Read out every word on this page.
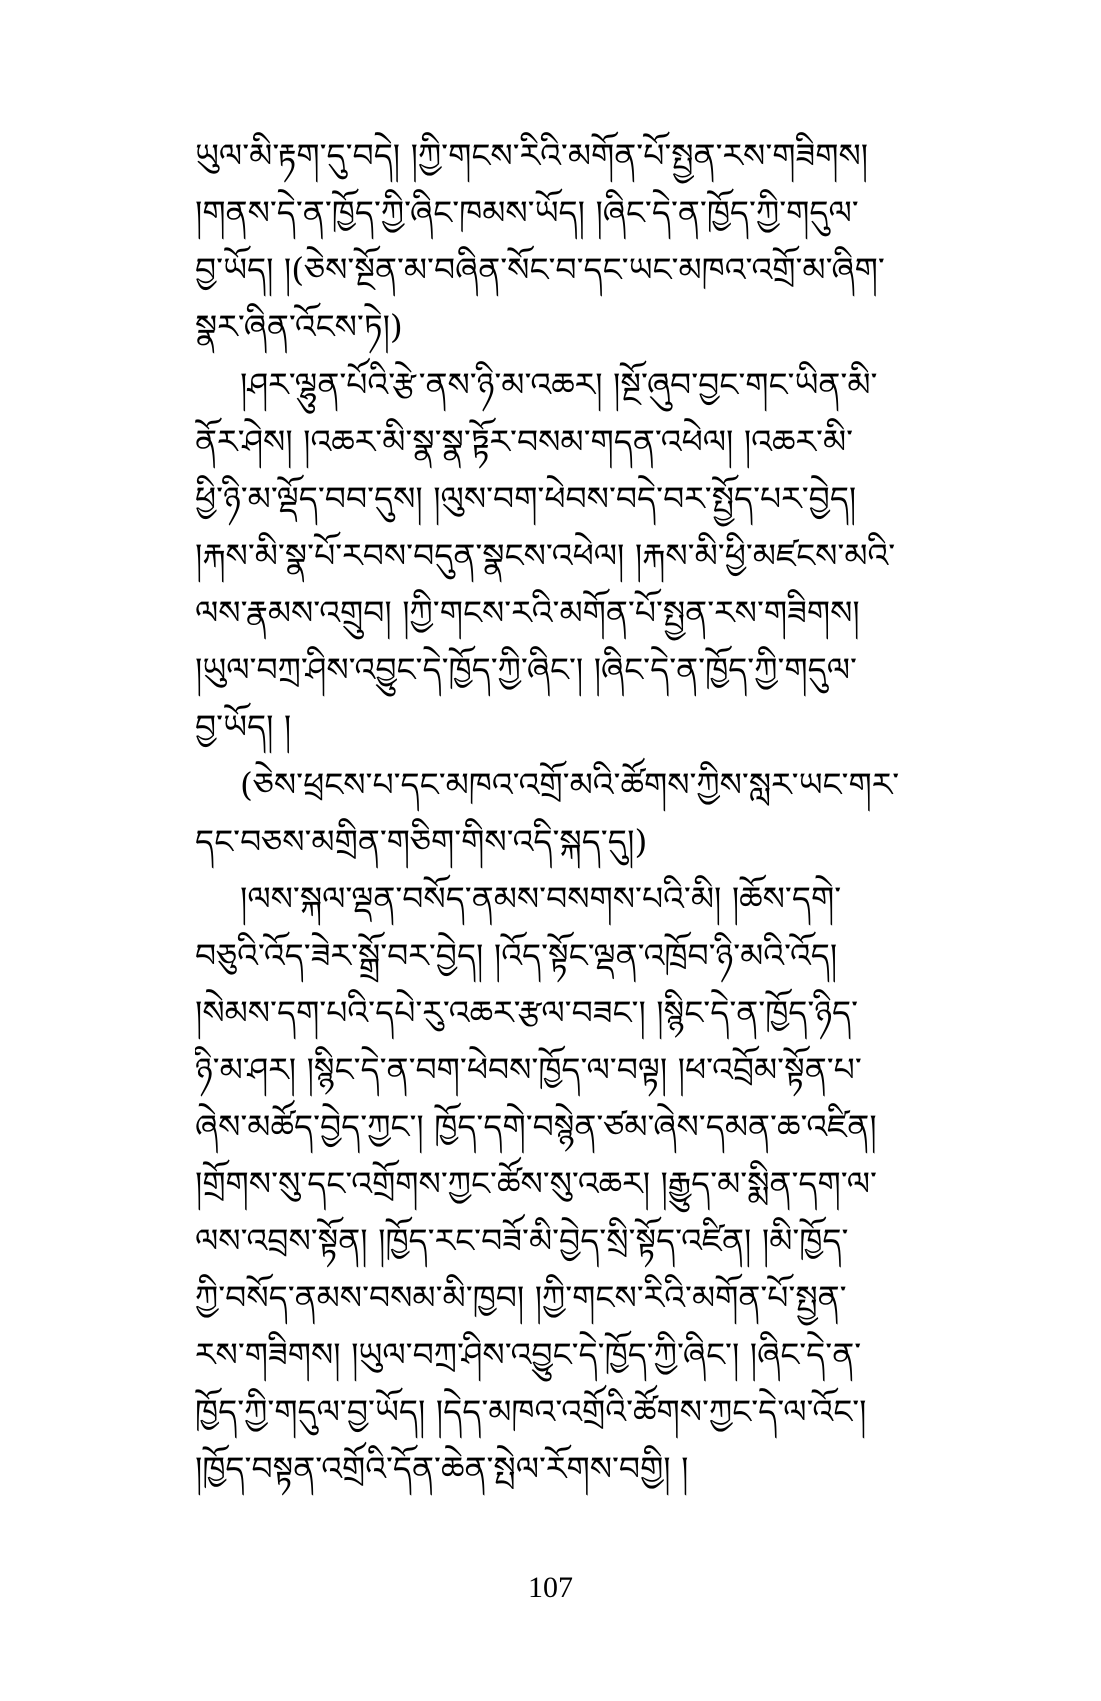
ཡུལ་མི་རྟག་དུ་བདེ། །ཀྱི་གངས་རིའི་མགོན་པོ་སྤྱན་རས་གཟིགས།
།གནས་དེ་ན་ཁྱོད་ཀྱི་ཞིང་ཁམས་ཡོད། །ཞིང་དེ་ན་ཁྱོད་ཀྱི་གདུལ་
བྱ་ཡོད། །(ཅེས་སྔོན་མ་བཞིན་སོང་བ་དང་ཡང་མཁའ་འགྲོ་མ་ཞིག་
སྣར་ཞིན་འོངས་ཏེ།)
།ཤར་ལྷུན་པོའི་རྩེ་ནས་ཉི་མ་འཆར། །སྔོ་ཞུབ་བྱང་གང་ཡིན་མི་
ནོར་ཤེས། །འཆར་མི་སྣ་སྣ་ཏྟོར་བསམ་གདན་འཕེལ། །འཆར་མི་
ཕྱི་ཉི་མ་ལྡོད་བབ་དུས། །ལུས་བག་ཕེབས་བདེ་བར་སྤྱོད་པར་བྱེད།
།རྐས་མི་སྣ་པོ་རབས་བདུན་སྣངས་འཕེལ། །རྐས་མི་ཕྱི་མཛངས་མའི་
ལས་རྣམས་འགྲུབ། །ཀྱི་གངས་རའི་མགོན་པོ་སྤྱན་རས་གཟིགས།
།ཡུལ་བཀྲ་ཤིས་འབྱུང་དེ་ཁྱོད་ཀྱི་ཞིང་། །ཞིང་དེ་ན་ཁྱོད་ཀྱི་གདུལ་
བྱ་ཡོད། །
(ཅེས་ཕྲངས་པ་དང་མཁའ་འགྲོ་མའི་ཚོགས་ཀྱིས་སླར་ཡང་གར་
དང་བཅས་མགྲིན་གཅིག་གིས་འདི་སྐད་དུ།)
།ལས་སྐལ་ལྡན་བསོད་ནམས་བསགས་པའི་མི། །ཆོས་དགེ་
བཅུའི་འོད་ཟེར་སྒྲོ་བར་བྱེད། །འོད་སྟོང་ལྡན་འཁྲོབ་ཉི་མའི་འོད།
།སེམས་དག་པའི་དཔེ་རུ་འཆར་རྩལ་བཟང་། །སྙིང་དེ་ན་ཁྱོད་ཉིད་
ཉི་མ་ཤར། །སྙིང་དེ་ན་བག་ཕེབས་ཁྱོད་ལ་བལྟ། །ཕ་འབྲོམ་སྟོན་པ་
ཞེས་མཚོད་བྱེད་ཀྱང་། ཁྱོད་དགེ་བསྙེན་ཙམ་ཞེས་དམན་ཆ་འཛིན།
།གྲོགས་སུ་དང་འགྲོགས་ཀྱང་ཚོས་སུ་འཆར། །རྒྱུད་མ་སྨིན་དག་ལ་
ལས་འབྲས་སྟོན། །ཁྱོད་རང་བཟོ་མི་བྱེད་སྲི་སྟོད་འཛིན། །མི་ཁྱོད་
ཀྱི་བསོད་ནམས་བསམ་མི་ཁྱབ། །ཀྱི་གངས་རིའི་མགོན་པོ་སྤྱན་
རས་གཟིགས། །ཡུལ་བཀྲ་ཤིས་འབྱུང་དེ་ཁྱོད་ཀྱི་ཞིང་། །ཞིང་དེ་ན་
ཁྱོད་ཀྱི་གདུལ་བྱ་ཡོད། །དེད་མཁའ་འགྲོའི་ཚོགས་ཀྱང་དེ་ལ་འོང་།
།ཁྱོད་བསྟན་འགྲོའི་དོན་ཆེན་སྤེལ་རོགས་བགྱི། །
107
